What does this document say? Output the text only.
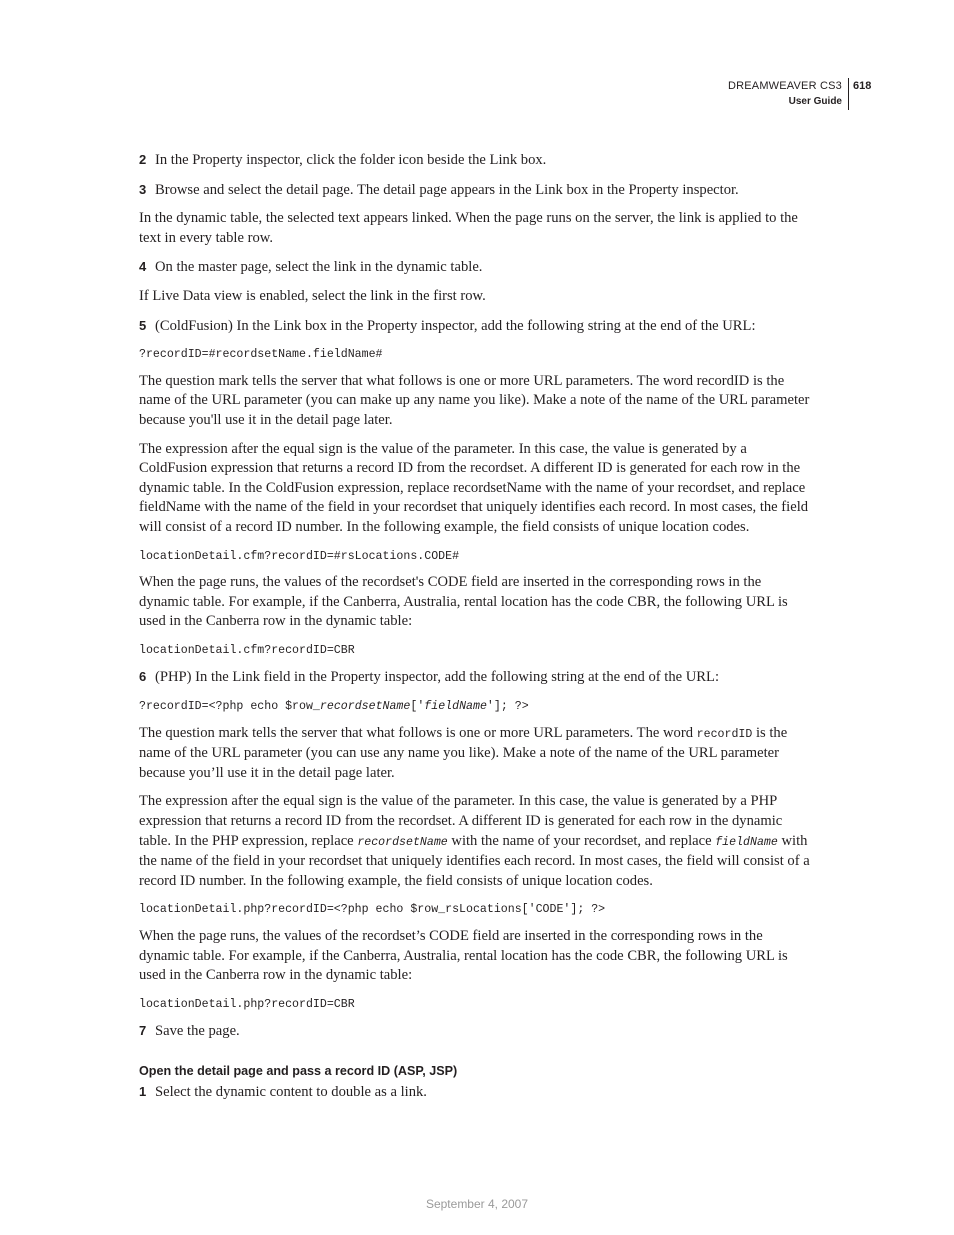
DREAMWEAVER CS3
User Guide
618
2 In the Property inspector, click the folder icon beside the Link box.
3 Browse and select the detail page. The detail page appears in the Link box in the Property inspector.
In the dynamic table, the selected text appears linked. When the page runs on the server, the link is applied to the text in every table row.
4 On the master page, select the link in the dynamic table.
If Live Data view is enabled, select the link in the first row.
5 (ColdFusion) In the Link box in the Property inspector, add the following string at the end of the URL:
?recordID=#recordsetName.fieldName#
The question mark tells the server that what follows is one or more URL parameters. The word recordID is the name of the URL parameter (you can make up any name you like). Make a note of the name of the URL parameter because you'll use it in the detail page later.
The expression after the equal sign is the value of the parameter. In this case, the value is generated by a ColdFusion expression that returns a record ID from the recordset. A different ID is generated for each row in the dynamic table. In the ColdFusion expression, replace recordsetName with the name of your recordset, and replace fieldName with the name of the field in your recordset that uniquely identifies each record. In most cases, the field will consist of a record ID number. In the following example, the field consists of unique location codes.
locationDetail.cfm?recordID=#rsLocations.CODE#
When the page runs, the values of the recordset's CODE field are inserted in the corresponding rows in the dynamic table. For example, if the Canberra, Australia, rental location has the code CBR, the following URL is used in the Canberra row in the dynamic table:
locationDetail.cfm?recordID=CBR
6 (PHP) In the Link field in the Property inspector, add the following string at the end of the URL:
?recordID=<?php echo $row_recordsetName['fieldName']; ?>
The question mark tells the server that what follows is one or more URL parameters. The word recordID is the name of the URL parameter (you can use any name you like). Make a note of the name of the URL parameter because you’ll use it in the detail page later.
The expression after the equal sign is the value of the parameter. In this case, the value is generated by a PHP expression that returns a record ID from the recordset. A different ID is generated for each row in the dynamic table. In the PHP expression, replace recordsetName with the name of your recordset, and replace fieldName with the name of the field in your recordset that uniquely identifies each record. In most cases, the field will consist of a record ID number. In the following example, the field consists of unique location codes.
locationDetail.php?recordID=<?php echo $row_rsLocations['CODE']; ?>
When the page runs, the values of the recordset’s CODE field are inserted in the corresponding rows in the dynamic table. For example, if the Canberra, Australia, rental location has the code CBR, the following URL is used in the Canberra row in the dynamic table:
locationDetail.php?recordID=CBR
7 Save the page.
Open the detail page and pass a record ID (ASP, JSP)
1 Select the dynamic content to double as a link.
September 4, 2007
